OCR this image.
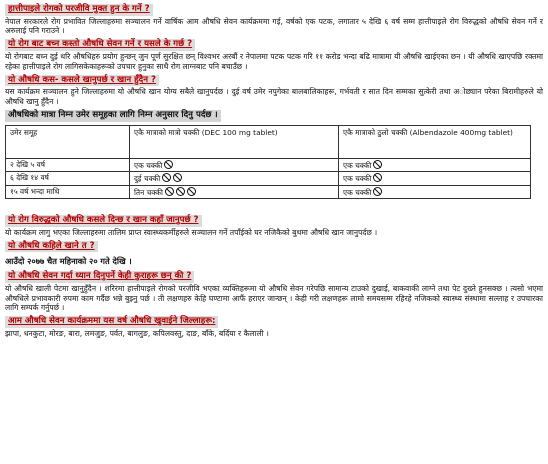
हात्तीपाइले रोगको परजीवि मुक्त हुन के गर्ने ?

नेपाल सरकारले रोग प्रभावित जिल्लाहरुमा सञ्चालन गर्ने वार्षिक आम औषधि सेवन कार्यक्रममा गई, वर्षको एक पटक, लगातार ५ देखि ६ वर्ष सम्म हात्तीपाइले रोग विरुद्धको औषधि सेवन गर्ने र अरुलाई पनि गराउने ।

यो रोग बाट बच्न कस्तो औषधि सेवन गर्ने र यसले के गर्छ ?

यो रोगबाट बच्न दुई थरि औषधिहरु प्रयोग हुन्छन् जुन पूर्ण सुरक्षित छन् विश्वभर अरबौं र नेपालमा पटक पटक गरि ११ करोड भन्दा बढि मात्रामा यी औषधि खाईएका छन । यी औषधि खाएपछि रक्तमा रहेका हात्तीपाइले रोग लागिसकेकाहरूको उपचार हुनुका साथै रोग लाग्नबाट पनि बचाउँछ ।

यो औषधि कस- कसले खानुपर्छ र खान हुँदैन ?

यस कार्यक्रम सञ्चालन हुने जिल्लाहरुमा यो औषधि खान योग्य सबैले खानुपर्दछ । दुई वर्ष उमेर नपुगेका बालबालिकाहरू, गर्भवती र सात दिन सम्मका सुत्केरी तथा अोछ्यान परेका बिरामीहरुले यो औषधि खानु हुँदैन ।

औषधिको मात्रा निम्न उमेर समूहका लागि निम्न अनुसार दिनु पर्दछ ।
उमेर समूह	एकै मात्राको मात्रो चक्की (DEC 100 mg tablet)	एकै मात्राको ठुलो चक्की (Albendazole 400mg tablet)
२ देखि ५ वर्ष	एक चक्की	एक चक्की
६ देखि १४ वर्ष	दुई चक्की	एक चक्की
१५ वर्ष भन्दा माथि	तिन चक्की	एक चक्की
यो रोग विरुद्धको औषधि कसले दिन्छ र खान कहाँ जानुपर्छ ?

यो कार्यक्रम लागु भएका जिल्लाहरुमा तालिम प्राप्त स्वास्थ्यकर्मीहरुले सञ्चालन गर्ने तपाँईको घर नजिकैको बुथमा औषधि खान जानुपर्दछ ।

यो औषधि कहिले खाने त ?
आउँदो २०७७ चैत महिनाको २० गते देखि ।
यो औषधि सेवन गर्दा ध्यान दिनुपर्ने केही कुराहरू छन् की ?

यो औषधि खाली पेटमा खानुहुँदैन । शरिरमा हात्तीपाइले रोगको परजीवि भएका व्यक्तिहरूमा यो औषधि सेवन गरेपछि सामान्य टाउको दुखाई, बाकवाकी लाग्ने तथा पेट दुख्ने हुनसक्छ । त्यसो भएमा औषधिले प्रभावकारी रुपमा काम गर्दैछ भन्ने बुझ्नु पर्छ । ती लक्षणहरु केहि घण्टामा आफैं हराएर जान्छन् । केही गरी लक्षणहरू लामो समयसम्म रहिरहे नजिकको स्वास्थ्य संस्थामा सल्लाह र उपचारका लागि सम्पर्क गर्नुपर्छ ।

आम औषधि सेवन कार्यक्रममा यस वर्ष औषधि खुवाईने जिल्लाहरू:

झापा, धनकुटा, मोरङ, बारा, लमजुङ, पर्वत, बागलुङ, कपिलवस्तु, दाङ, बाँके, बर्दिया र कैलाली ।
